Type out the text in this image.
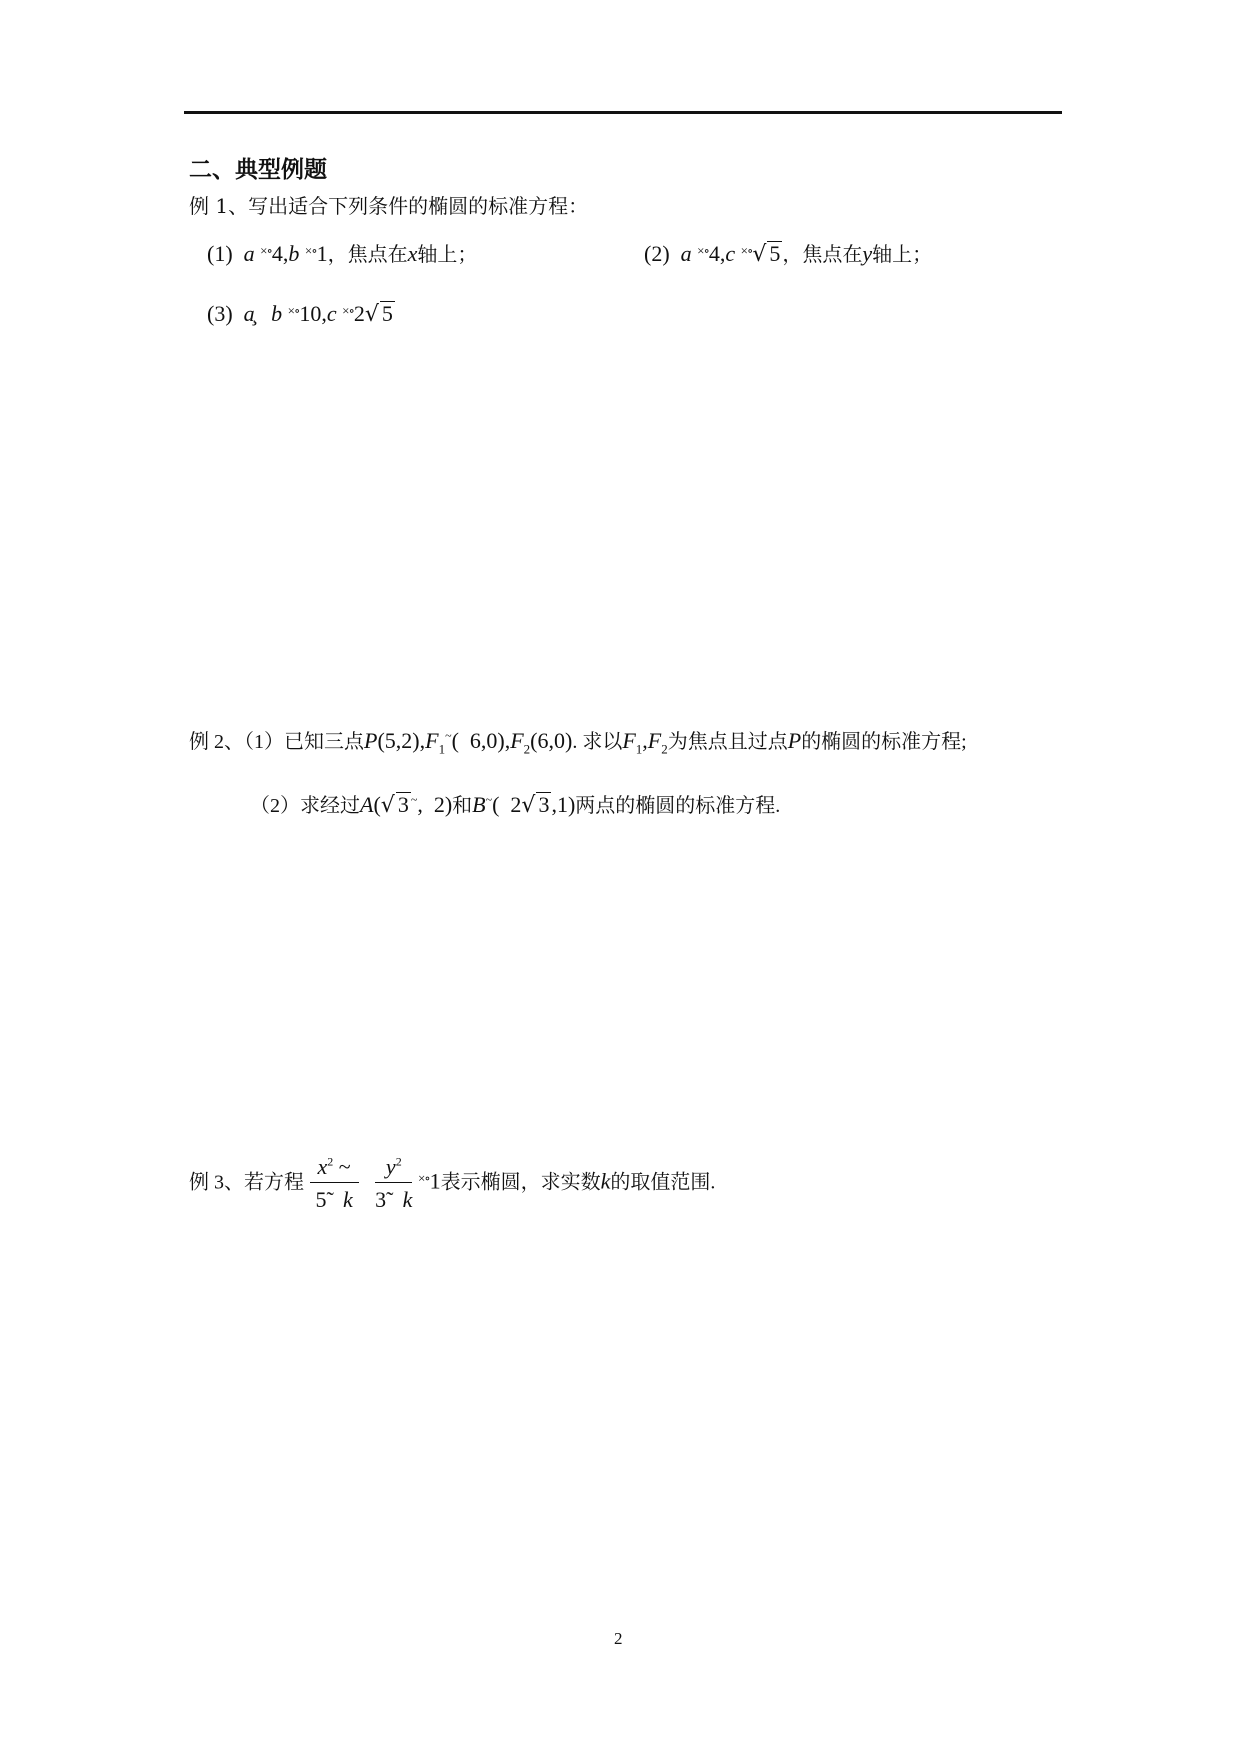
二、典型例题
例 1、写出适合下列条件的椭圆的标准方程：
(1) a ×∘4,b ×∘1，焦点在x轴上；	(2) a ×∘4,c ×∘√ 5 ，焦点在y轴上；
(3) a̧ b ×∘10,c ×∘2√ 5
例 2、（1）已知三点$P(5,2),F_1^\sim$(  $6,0),F_2(6,0)$. 求以$F_1,F_2$为焦点且过点P的椭圆的标准方程;
（2）求经过A(√ 3 ~,  2)和B~(  2√ 3,1)两点的椭圆的标准方程.
例 3、若方程 $\frac{x^2 \sim}{5̃ k}$
$\frac{y^2}{3̃ k} ^{\times\circ}1$表示椭圆，求实数k的取值范围.
2
